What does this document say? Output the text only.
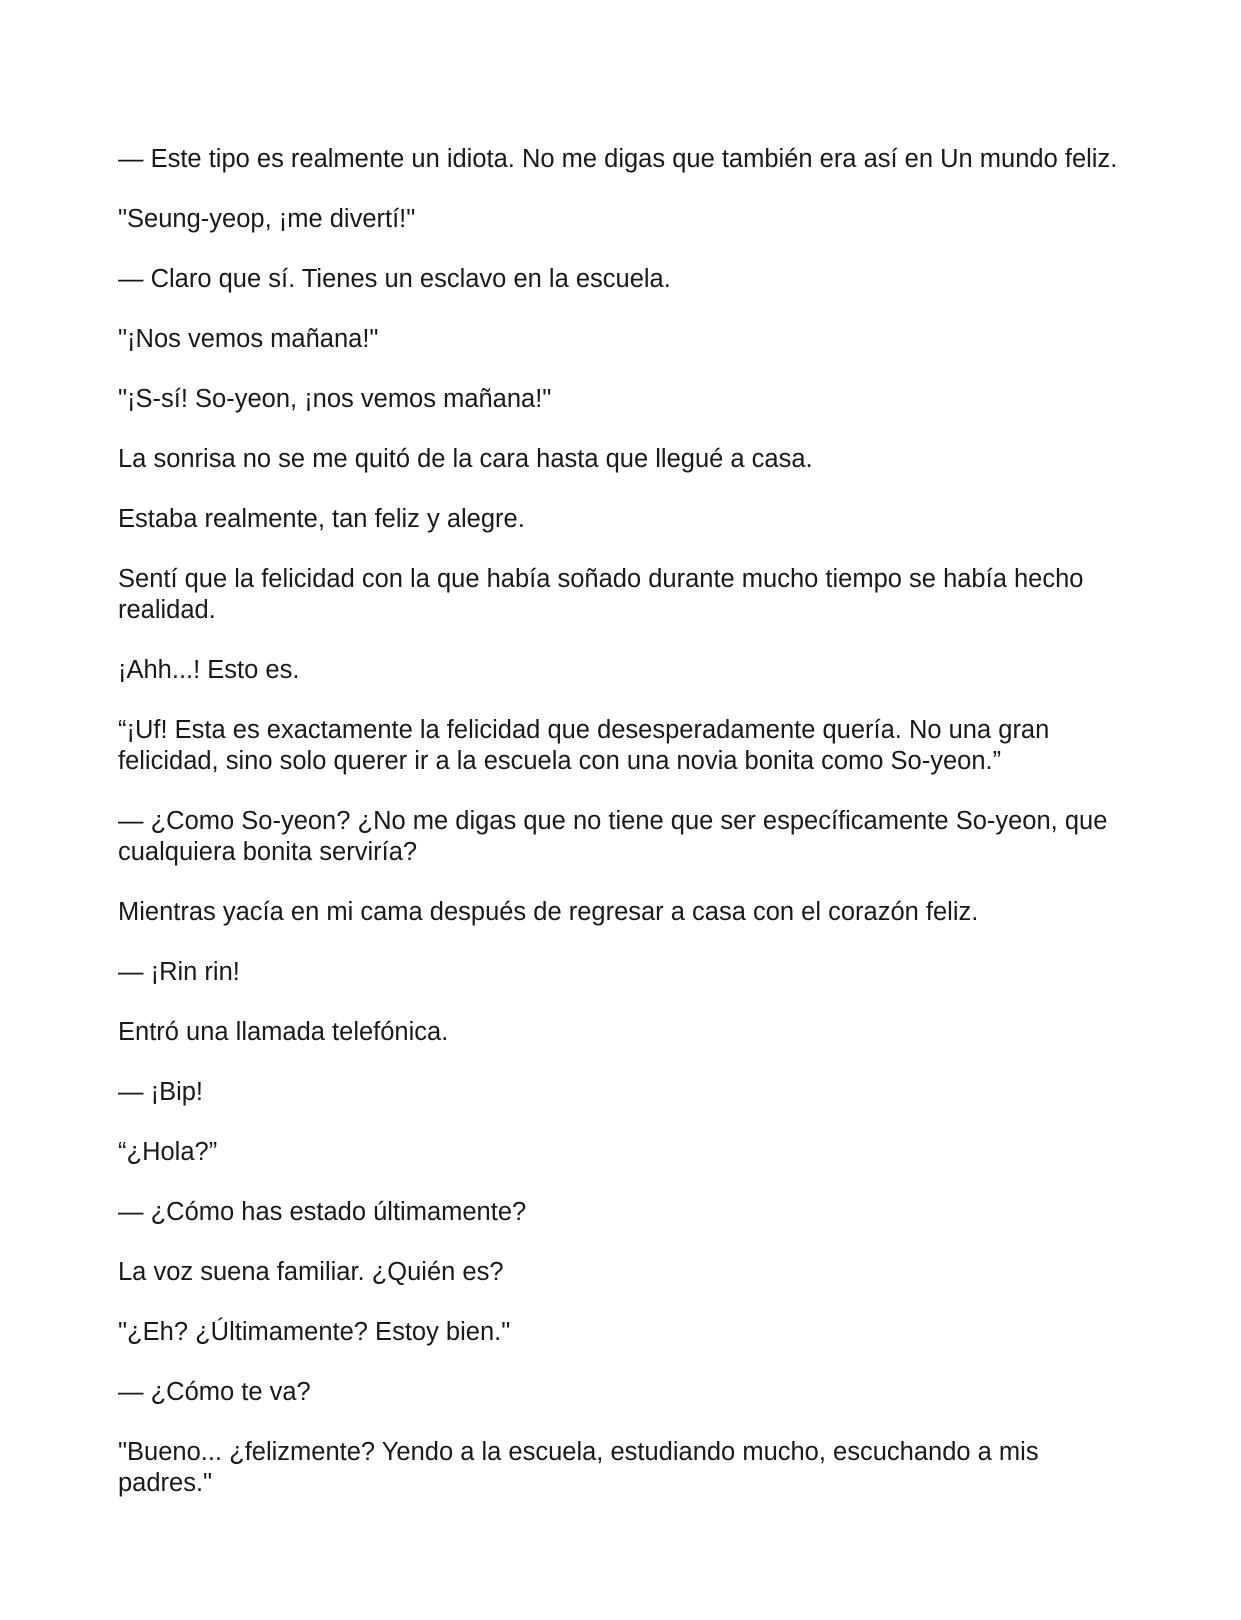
— Este tipo es realmente un idiota. No me digas que también era así en Un mundo feliz.

"Seung-yeop, ¡me divertí!"

— Claro que sí. Tienes un esclavo en la escuela.

"¡Nos vemos mañana!"

"¡S-sí! So-yeon, ¡nos vemos mañana!"

La sonrisa no se me quitó de la cara hasta que llegué a casa.

Estaba realmente, tan feliz y alegre.

Sentí que la felicidad con la que había soñado durante mucho tiempo se había hecho realidad.

¡Ahh...! Esto es.

“¡Uf! Esta es exactamente la felicidad que desesperadamente quería. No una gran felicidad, sino solo querer ir a la escuela con una novia bonita como So-yeon.”

— ¿Como So-yeon? ¿No me digas que no tiene que ser específicamente So-yeon, que cualquiera bonita serviría?

Mientras yacía en mi cama después de regresar a casa con el corazón feliz.

— ¡Rin rin!

Entró una llamada telefónica.

— ¡Bip!

“¿Hola?”

— ¿Cómo has estado últimamente?

La voz suena familiar. ¿Quién es?

"¿Eh? ¿Últimamente? Estoy bien."

— ¿Cómo te va?

"Bueno... ¿felizmente? Yendo a la escuela, estudiando mucho, escuchando a mis padres."
